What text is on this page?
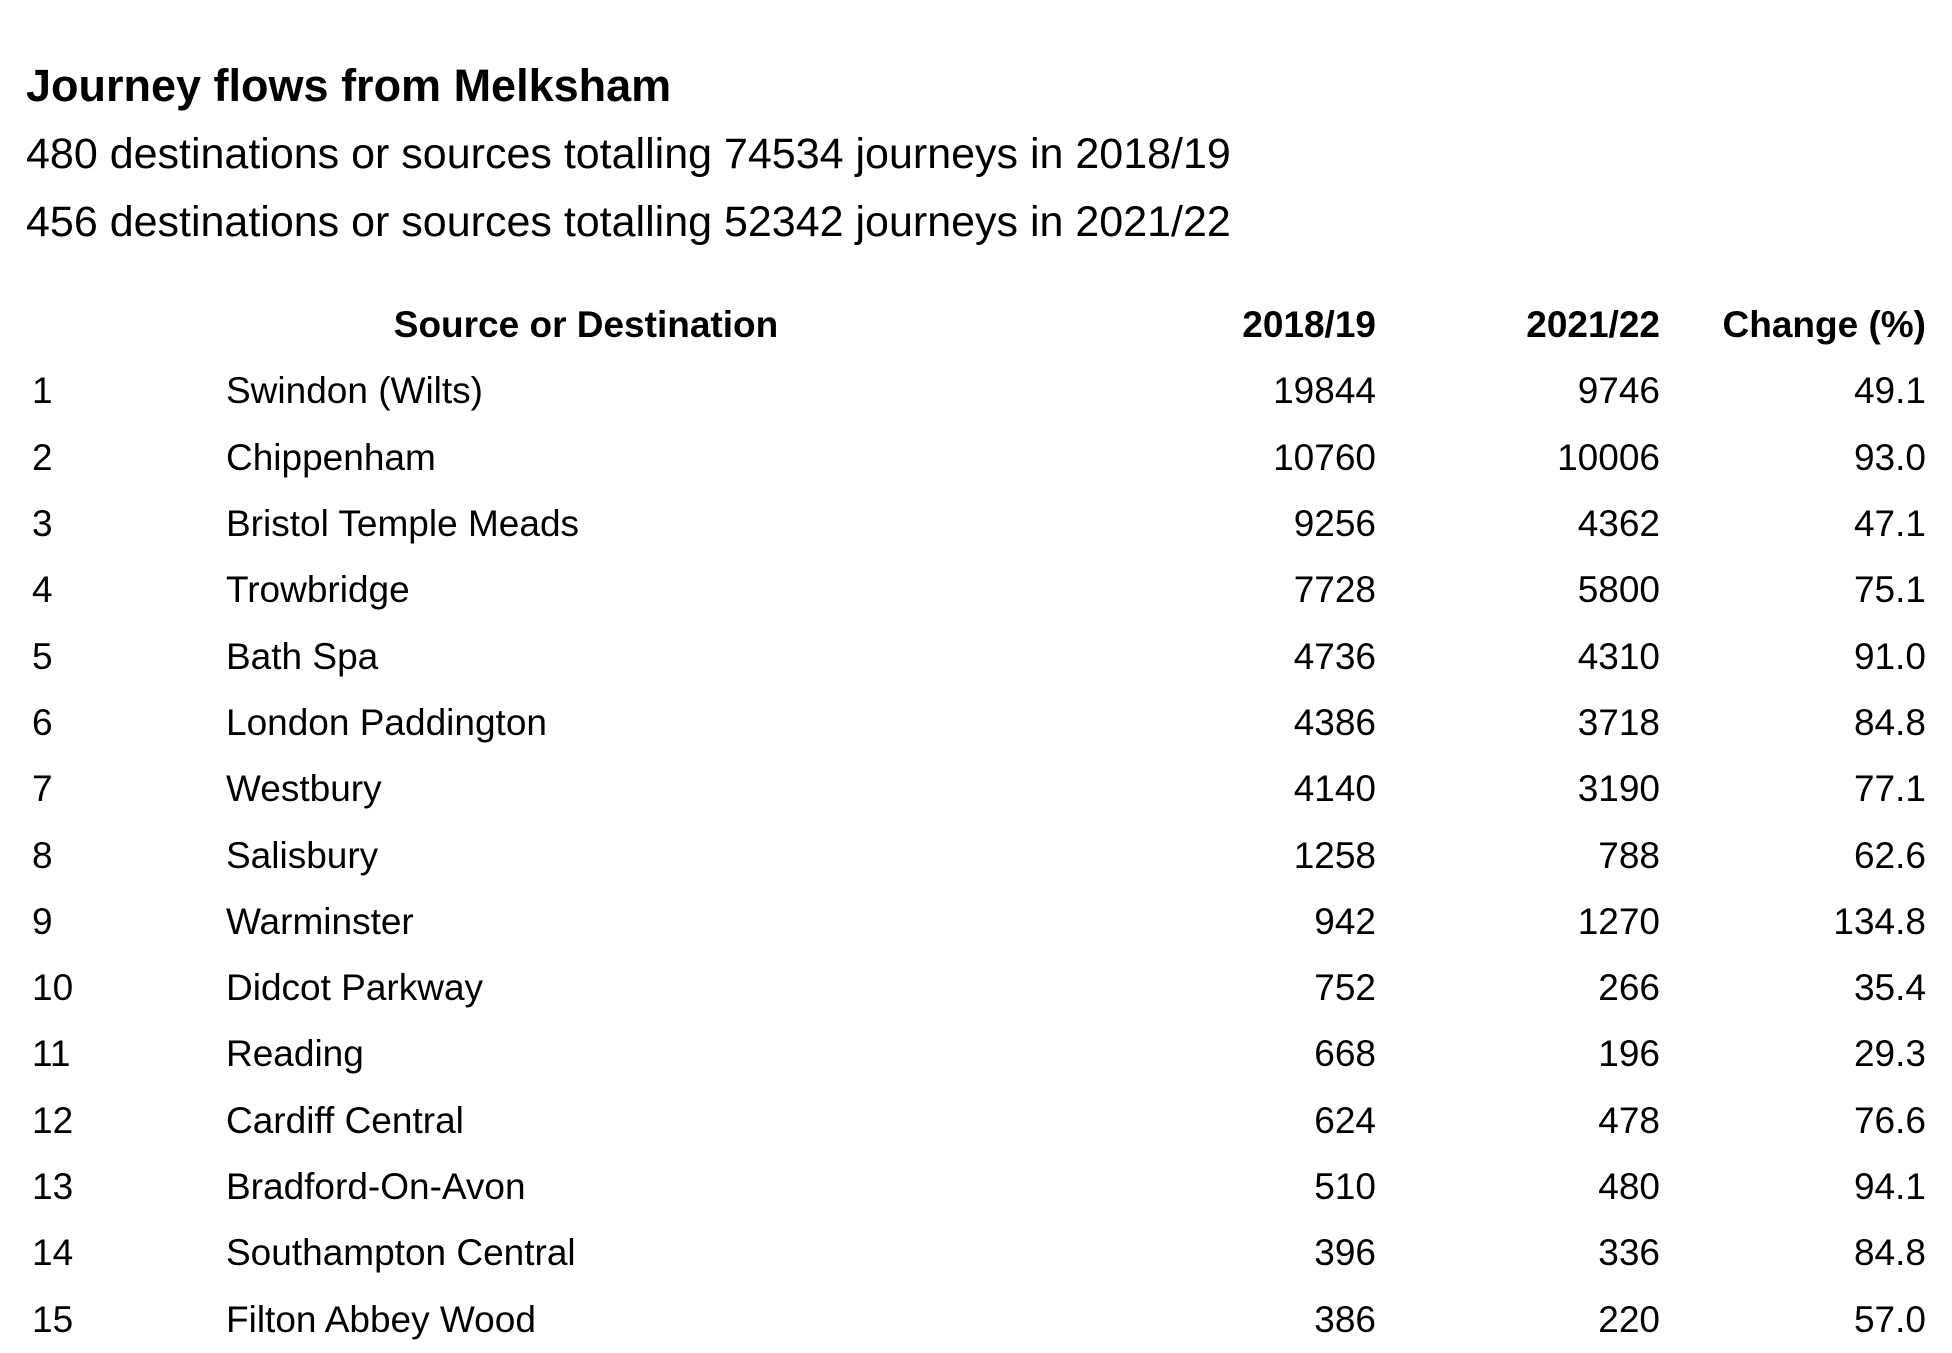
Journey flows from Melksham

480 destinations or sources totalling 74534 journeys in 2018/19

456 destinations or sources totalling 52342 journeys in 2021/22

	Source or Destination	2018/19	2021/22	Change (%)
1	Swindon (Wilts)	19844	9746	49.1
2	Chippenham	10760	10006	93.0
3	Bristol Temple Meads	9256	4362	47.1
4	Trowbridge	7728	5800	75.1
5	Bath Spa	4736	4310	91.0
6	London Paddington	4386	3718	84.8
7	Westbury	4140	3190	77.1
8	Salisbury	1258	788	62.6
9	Warminster	942	1270	134.8
10	Didcot Parkway	752	266	35.4
11	Reading	668	196	29.3
12	Cardiff Central	624	478	76.6
13	Bradford-On-Avon	510	480	94.1
14	Southampton Central	396	336	84.8
15	Filton Abbey Wood	386	220	57.0
